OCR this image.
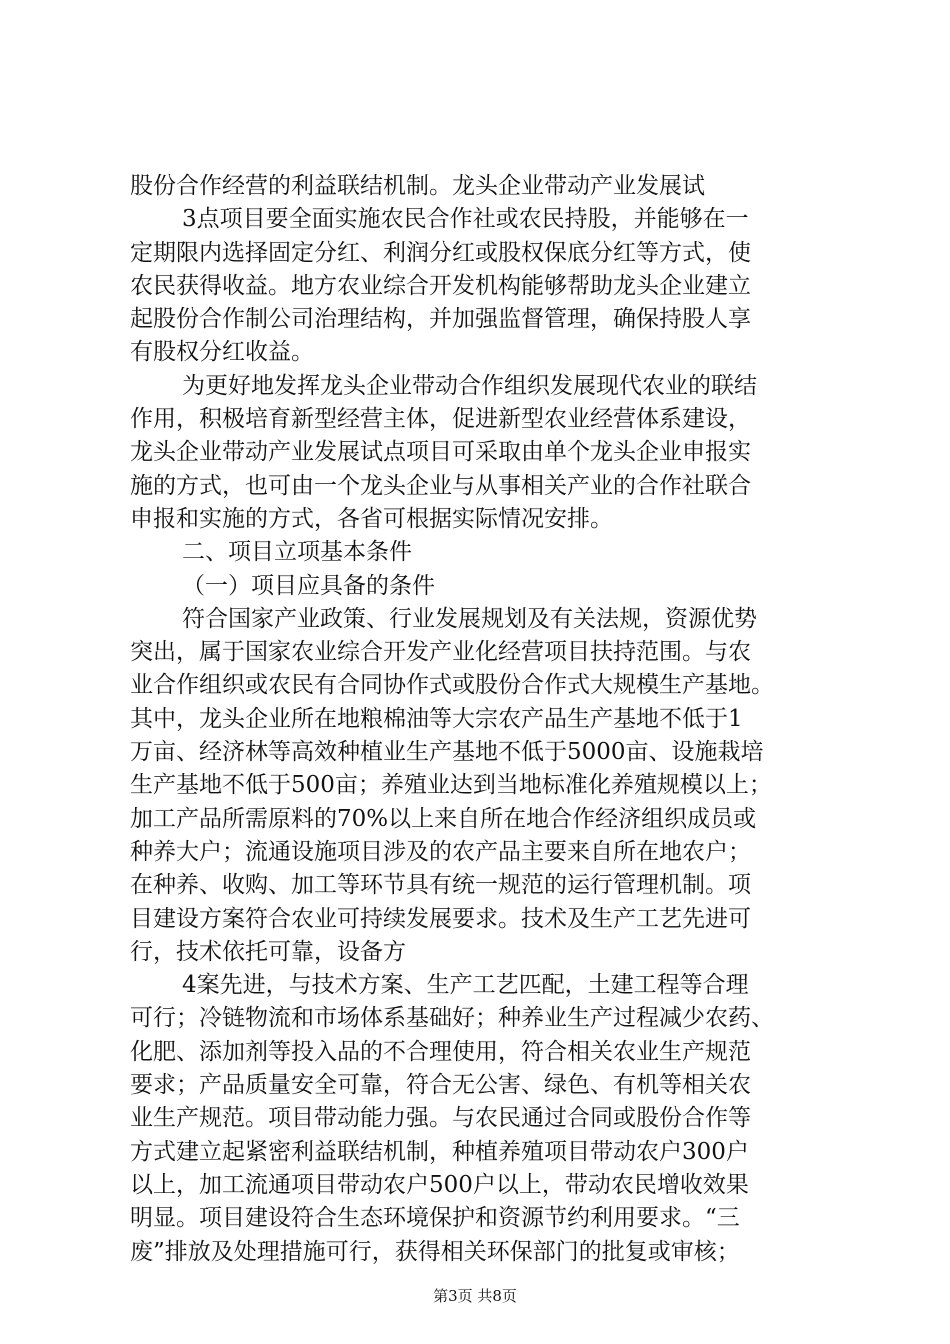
股份合作经营的利益联结机制。龙头企业带动产业发展试
3点项目要全面实施农民合作社或农民持股，并能够在一
定期限内选择固定分红、利润分红或股权保底分红等方式，使
农民获得收益。地方农业综合开发机构能够帮助龙头企业建立
起股份合作制公司治理结构，并加强监督管理，确保持股人享
有股权分红收益。
为更好地发挥龙头企业带动合作组织发展现代农业的联结
作用，积极培育新型经营主体，促进新型农业经营体系建设，
龙头企业带动产业发展试点项目可采取由单个龙头企业申报实
施的方式，也可由一个龙头企业与从事相关产业的合作社联合
申报和实施的方式，各省可根据实际情况安排。
二、项目立项基本条件
（一）项目应具备的条件
符合国家产业政策、行业发展规划及有关法规，资源优势
突出，属于国家农业综合开发产业化经营项目扶持范围。与农
业合作组织或农民有合同协作式或股份合作式大规模生产基地。
其中，龙头企业所在地粮棉油等大宗农产品生产基地不低于1
万亩、经济林等高效种植业生产基地不低于5000亩、设施栽培
生产基地不低于500亩；养殖业达到当地标准化养殖规模以上；
加工产品所需原料的70%以上来自所在地合作经济组织成员或
种养大户；流通设施项目涉及的农产品主要来自所在地农户；
在种养、收购、加工等环节具有统一规范的运行管理机制。项
目建设方案符合农业可持续发展要求。技术及生产工艺先进可
行，技术依托可靠，设备方
4案先进，与技术方案、生产工艺匹配，土建工程等合理
可行；冷链物流和市场体系基础好；种养业生产过程减少农药、
化肥、添加剂等投入品的不合理使用，符合相关农业生产规范
要求；产品质量安全可靠，符合无公害、绿色、有机等相关农
业生产规范。项目带动能力强。与农民通过合同或股份合作等
方式建立起紧密利益联结机制，种植养殖项目带动农户300户
以上，加工流通项目带动农户500户以上，带动农民增收效果
明显。项目建设符合生态环境保护和资源节约利用要求。“三
废”排放及处理措施可行，获得相关环保部门的批复或审核；
第3页 共8页
